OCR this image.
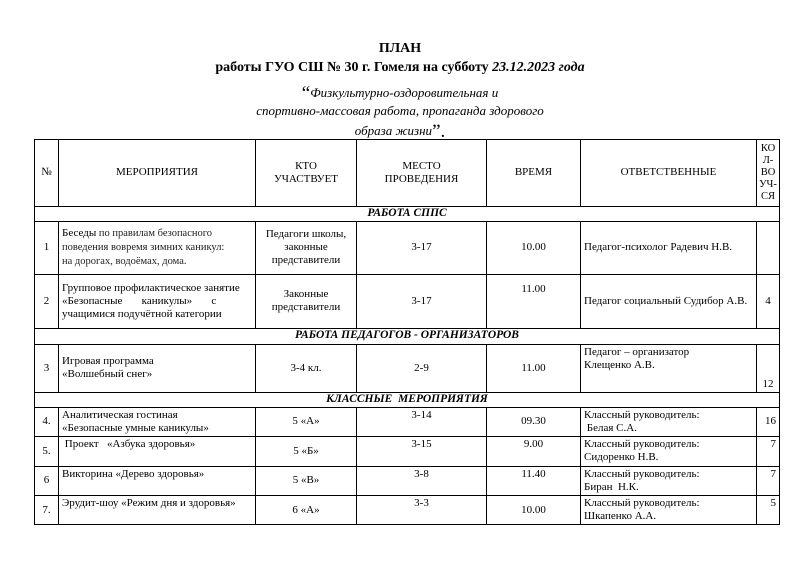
ПЛАН
работы ГУО СШ № 30 г. Гомеля на субботу 23.12.2023 года
“Физкультурно-оздоровительная и
спортивно-массовая работа, пропаганда здорового
образа жизни”.
№	МЕРОПРИЯТИЯ	КТО
УЧАСТВУЕТ	МЕСТО
ПРОВЕДЕНИЯ	ВРЕМЯ	ОТВЕТСТВЕННЫЕ	КО
Л-
ВО
УЧ-
СЯ
РАБОТА СППС						
1	Беседы по правилам безопасного
поведения вовремя зимних каникул:
на дорогах, водоёмах, дома.	Педагоги школы,
законные
представители	3-17	10.00	Педагог-психолог Радевич Н.В.	
2	Групповое профилактическое занятие
«Безопасные       каникулы»       с
учащимися подучётной категории	Законные
представители	3-17	11.00	Педагог социальный Судибор А.В.	4
РАБОТА ПЕДАГОГОВ - ОРГАНИЗАТОРОВ						
3	Игровая программа
«Волшебный снег»	3-4 кл.	2-9	11.00	Педагог – организатор
Клещенко А.В.	12
КЛАССНЫЕ  МЕРОПРИЯТИЯ						
4.	Аналитическая гостиная
«Безопасные умные каникулы»	5 «А»	3-14	09.30	Классный руководитель:
Белая С.А.	16
5.	Проект   «Азбука здоровья»	5 «Б»	3-15	9.00	Классный руководитель:
Сидоренко Н.В.	7
6	Викторина «Дерево здоровья»	5 «В»	3-8	11.40	Классный руководитель:
Биран  Н.К.	7
7.	Эрудит-шоу «Режим дня и здоровья»	6 «А»	3-3	10.00	Классный руководитель:
Шкапенко А.А.	5
